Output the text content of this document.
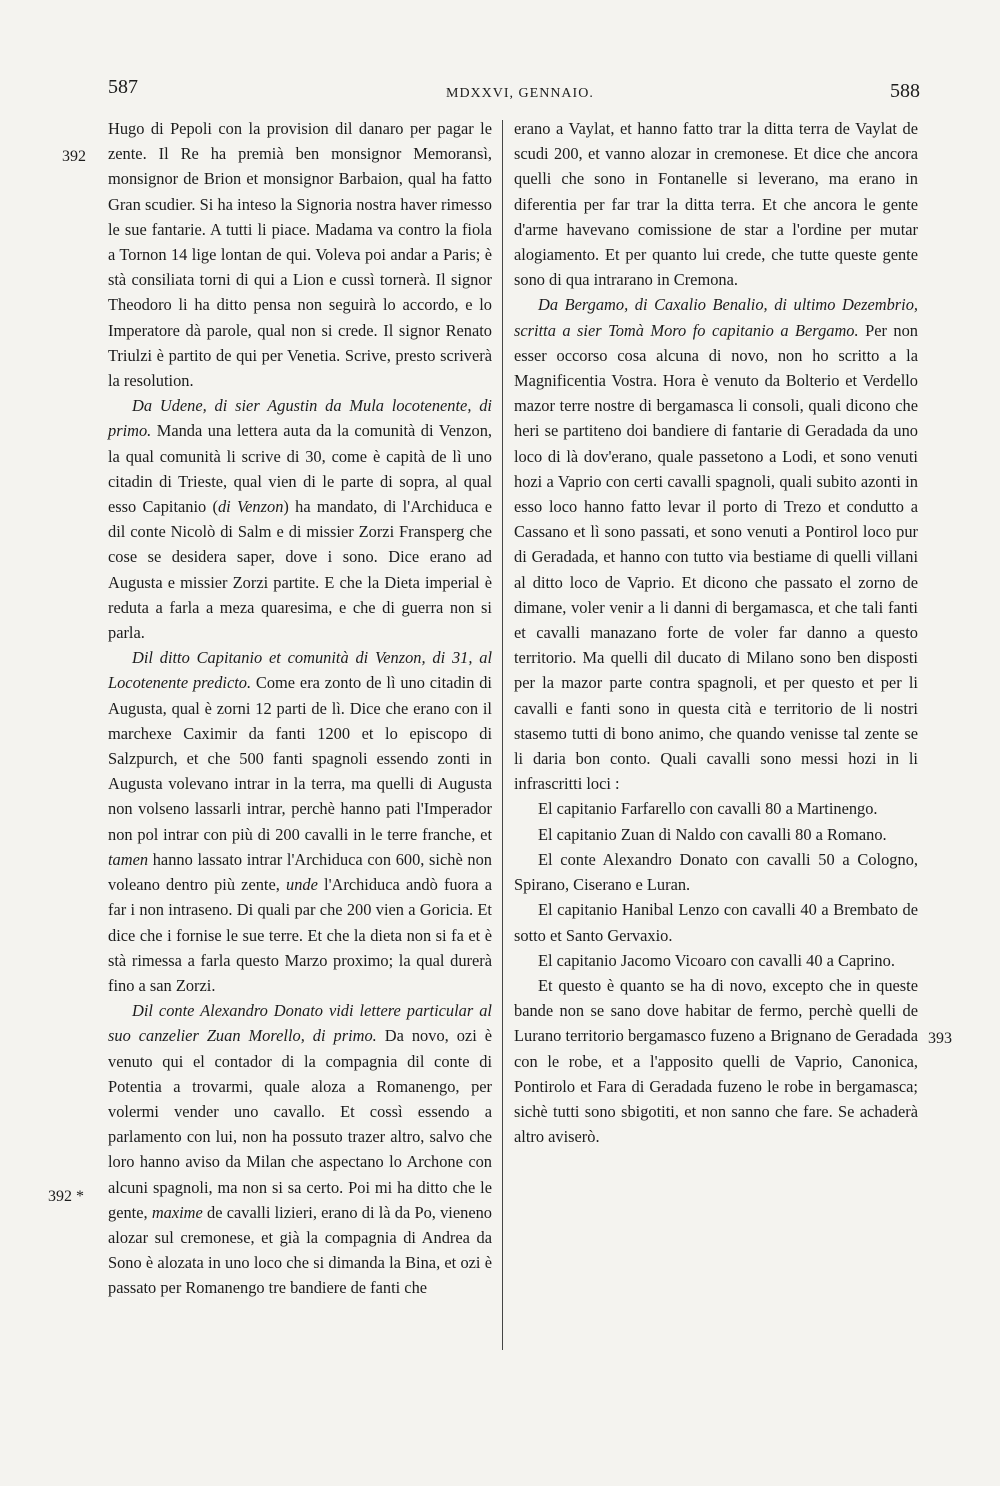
587	MDXXVI, GENNAIO.	588
392
392 *
393

Hugo di Pepoli con la provision dil danaro per pagar le zente. Il Re ha premià ben monsignor Memoransì, monsignor de Brion et monsignor Barbaion, qual ha fatto Gran scudier. Si ha inteso la Signoria nostra haver rimesso le sue fantarie. A tutti li piace. Madama va contro la fiola a Tornon 14 lige lontan de qui. Voleva poi andar a Paris; è stà consiliata torni di qui a Lion e cussì tornerà. Il signor Theodoro li ha ditto pensa non seguirà lo accordo, e lo Imperatore dà parole, qual non si crede. Il signor Renato Triulzi è partito de qui per Venetia. Scrive, presto scriverà la resolution.

Da Udene, di sier Agustin da Mula locotenente, di primo. Manda una lettera auta da la comunità di Venzon, la qual comunità li scrive di 30, come è capità de lì uno citadin di Trieste, qual vien di le parte di sopra, al qual esso Capitanio (di Venzon) ha mandato, di l'Archiduca e dil conte Nicolò di Salm e di missier Zorzi Fransperg che cose se desidera saper, dove i sono. Dice erano ad Augusta e missier Zorzi partite. E che la Dieta imperial è reduta a farla a meza quaresima, e che di guerra non si parla.

Dil ditto Capitanio et comunità di Venzon, di 31, al Locotenente predicto. Come era zonto de lì uno citadin di Augusta, qual è zorni 12 parti de lì. Dice che erano con il marchexe Caximir da fanti 1200 et lo episcopo di Salzpurch, et che 500 fanti spagnoli essendo zonti in Augusta volevano intrar in la terra, ma quelli di Augusta non volseno lassarli intrar, perchè hanno pati l'Imperador non pol intrar con più di 200 cavalli in le terre franche, et tamen hanno lassato intrar l'Archiduca con 600, sichè non voleano dentro più zente, unde l'Archiduca andò fuora a far i non intraseno. Di quali par che 200 vien a Goricia. Et dice che i fornise le sue terre. Et che la dieta non si fa et è stà rimessa a farla questo Marzo proximo; la qual durerà fino a san Zorzi.

Dil conte Alexandro Donato vidi lettere particular al suo canzelier Zuan Morello, di primo. Da novo, ozi è venuto qui el contador di la compagnia dil conte di Potentia a trovarmi, quale aloza a Romanengo, per volermi vender uno cavallo. Et cossì essendo a parlamento con lui, non ha possuto trazer altro, salvo che loro hanno aviso da Milan che aspectano lo Archone con alcuni spagnoli, ma non si sa certo. Poi mi ha ditto che le gente, maxime de cavalli lizieri, erano di là da Po, vieneno alozar sul cremonese, et già la compagnia di Andrea da Sono è alozata in uno loco che si dimanda la Bina, et ozi è passato per Romanengo tre bandiere de fanti che

erano a Vaylat, et hanno fatto trar la ditta terra de Vaylat de scudi 200, et vanno alozar in cremonese. Et dice che ancora quelli che sono in Fontanelle si leverano, ma erano in diferentia per far trar la ditta terra. Et che ancora le gente d'arme havevano comissione de star a l'ordine per mutar alogiamento. Et per quanto lui crede, che tutte queste gente sono di qua intrarano in Cremona.

Da Bergamo, di Caxalio Benalio, di ultimo Dezembrio, scritta a sier Tomà Moro fo capitanio a Bergamo. Per non esser occorso cosa alcuna di novo, non ho scritto a la Magnificentia Vostra. Hora è venuto da Bolterio et Verdello mazor terre nostre di bergamasca li consoli, quali dicono che heri se partiteno doi bandiere di fantarie di Geradada da uno loco di là dov'erano, quale passetono a Lodi, et sono venuti hozi a Vaprio con certi cavalli spagnoli, quali subito azonti in esso loco hanno fatto levar il porto di Trezo et condutto a Cassano et lì sono passati, et sono venuti a Pontirol loco pur di Geradada, et hanno con tutto via bestiame di quelli villani al ditto loco de Vaprio. Et dicono che passato el zorno de dimane, voler venir a li danni di bergamasca, et che tali fanti et cavalli manazano forte de voler far danno a questo territorio. Ma quelli dil ducato di Milano sono ben disposti per la mazor parte contra spagnoli, et per questo et per li cavalli e fanti sono in questa cità e territorio de li nostri stasemo tutti di bono animo, che quando venisse tal zente se li daria bon conto. Quali cavalli sono messi hozi in li infrascritti loci :

El capitanio Farfarello con cavalli 80 a Martinengo.

El capitanio Zuan di Naldo con cavalli 80 a Romano.

El conte Alexandro Donato con cavalli 50 a Cologno, Spirano, Ciserano e Luran.

El capitanio Hanibal Lenzo con cavalli 40 a Brembato de sotto et Santo Gervaxio.

El capitanio Jacomo Vicoaro con cavalli 40 a Caprino.

Et questo è quanto se ha di novo, excepto che in queste bande non se sano dove habitar de fermo, perchè quelli de Lurano territorio bergamasco fuzeno a Brignano de Geradada con le robe, et a l'apposito quelli de Vaprio, Canonica, Pontirolo et Fara di Geradada fuzeno le robe in bergamasca; sichè tutti sono sbigotiti, et non sanno che fare. Se achaderà altro aviserò.
